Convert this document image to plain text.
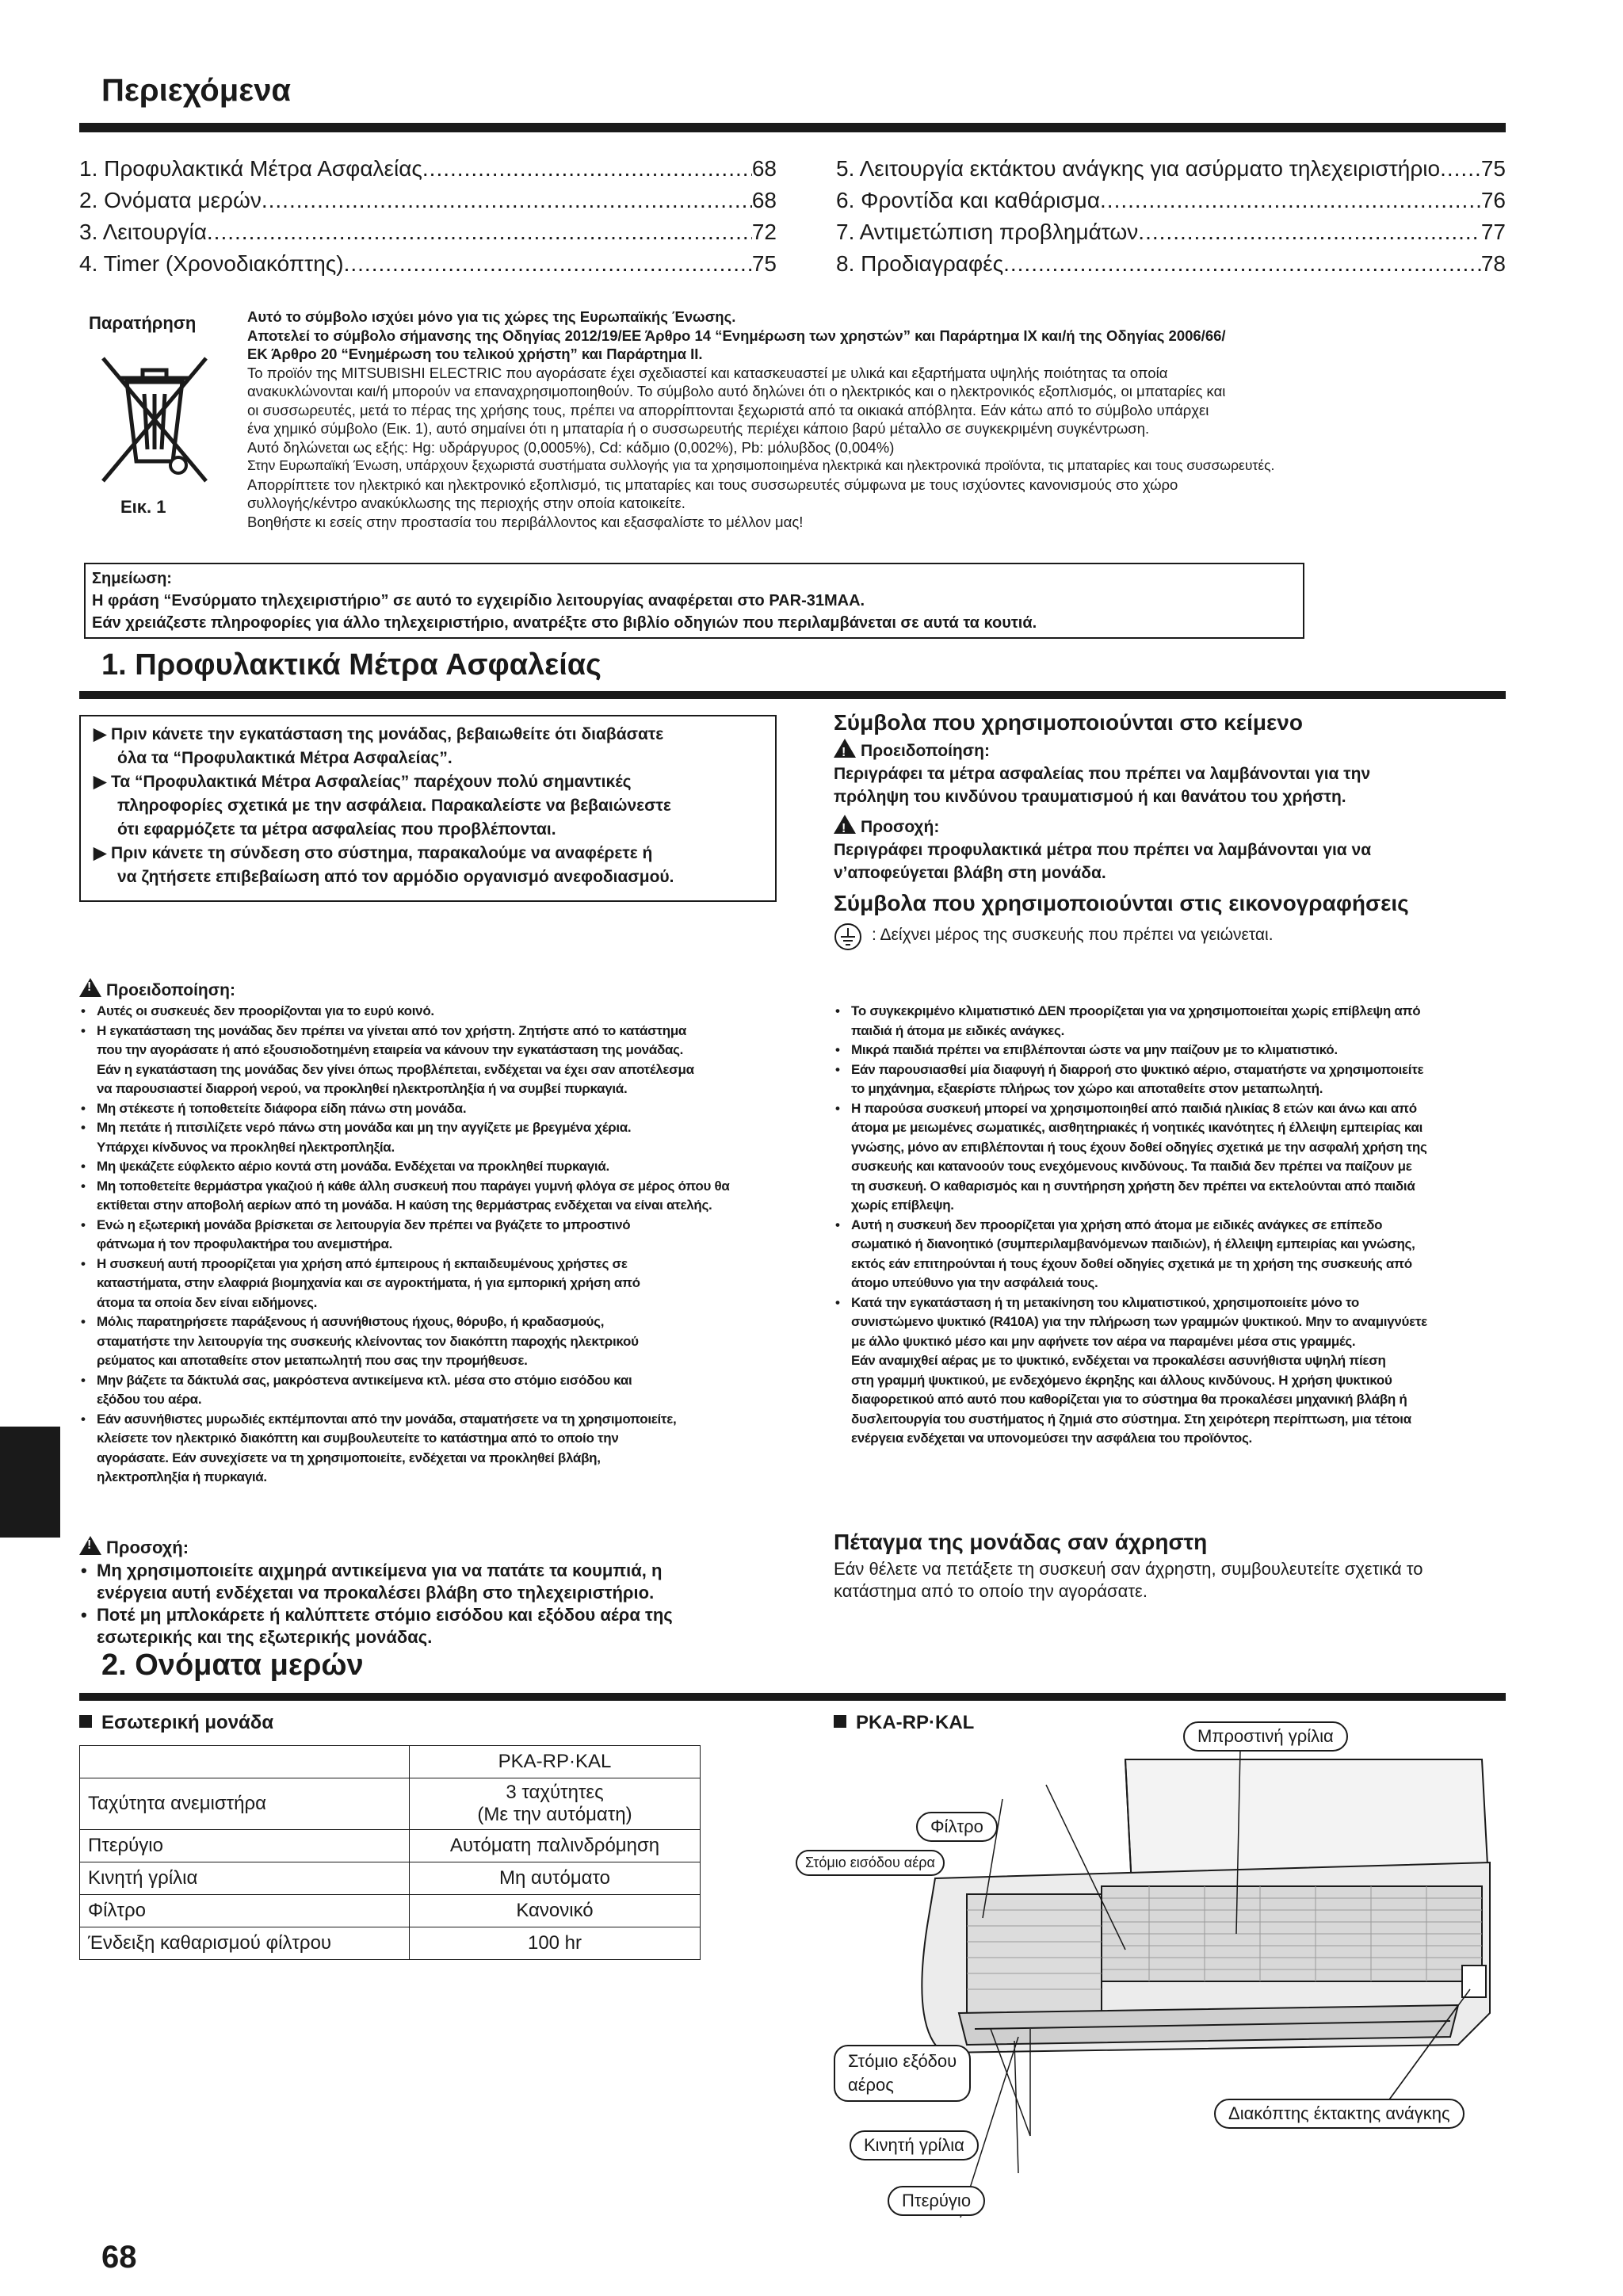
Περιεχόμενα
1. Προφυλακτικά Μέτρα Ασφαλείας .....	68
2. Ονόματα μερών .....	68
3. Λειτουργία .....	72
4. Timer (Χρονοδιακόπτης) .....	75
5. Λειτουργία εκτάκτου ανάγκης για ασύρματο τηλεχειριστήριο ..... 75
6. Φροντίδα και καθάρισμα .....	76
7. Αντιμετώπιση προβλημάτων .....	77
8. Προδιαγραφές .....	78
Παρατήρηση
Εικ. 1
Αυτό το σύμβολο ισχύει μόνο για τις χώρες της Ευρωπαϊκής Ένωσης.
Αποτελεί το σύμβολο σήμανσης της Οδηγίας 2012/19/ΕΕ Άρθρο 14 “Ενημέρωση των χρηστών” και Παράρτημα IX και/ή της Οδηγίας 2006/66/
ΕΚ Άρθρο 20 “Ενημέρωση του τελικού χρήστη” και Παράρτημα II.
Το προϊόν της MITSUBISHI ELECTRIC που αγοράσατε έχει σχεδιαστεί και κατασκευαστεί με υλικά και εξαρτήματα υψηλής ποιότητας τα οποία
ανακυκλώνονται και/ή μπορούν να επαναχρησιμοποιηθούν. Το σύμβολο αυτό δηλώνει ότι ο ηλεκτρικός και ο ηλεκτρονικός εξοπλισμός, οι μπαταρίες και
οι συσσωρευτές, μετά το πέρας της χρήσης τους, πρέπει να απορρίπτονται ξεχωριστά από τα οικιακά απόβλητα. Εάν κάτω από το σύμβολο υπάρχει
ένα χημικό σύμβολο (Εικ. 1), αυτό σημαίνει ότι η μπαταρία ή ο συσσωρευτής περιέχει κάποιο βαρύ μέταλλο σε συγκεκριμένη συγκέντρωση.
Αυτό δηλώνεται ως εξής: Hg: υδράργυρος (0,0005%), Cd: κάδμιο (0,002%), Pb: μόλυβδος (0,004%)
Στην Ευρωπαϊκή Ένωση, υπάρχουν ξεχωριστά συστήματα συλλογής για τα χρησιμοποιημένα ηλεκτρικά και ηλεκτρονικά προϊόντα, τις μπαταρίες και τους συσσωρευτές.
Απορρίπτετε τον ηλεκτρικό και ηλεκτρονικό εξοπλισμό, τις μπαταρίες και τους συσσωρευτές σύμφωνα με τους ισχύοντες κανονισμούς στο χώρο
συλλογής/κέντρο ανακύκλωσης της περιοχής στην οποία κατοικείτε.
Βοηθήστε κι εσείς στην προστασία του περιβάλλοντος και εξασφαλίστε το μέλλον μας!
Σημείωση:
Η φράση “Ενσύρματο τηλεχειριστήριο” σε αυτό το εγχειρίδιο λειτουργίας αναφέρεται στο PAR-31MAA.
Εάν χρειάζεστε πληροφορίες για άλλο τηλεχειριστήριο, ανατρέξτε στο βιβλίο οδηγιών που περιλαμβάνεται σε αυτά τα κουτιά.
1. Προφυλακτικά Μέτρα Ασφαλείας
▶ Πριν κάνετε την εγκατάσταση της μονάδας, βεβαιωθείτε ότι διαβάσατε
όλα τα “Προφυλακτικά Μέτρα Ασφαλείας”.
▶ Τα “Προφυλακτικά Μέτρα Ασφαλείας” παρέχουν πολύ σημαντικές
πληροφορίες σχετικά με την ασφάλεια. Παρακαλείστε να βεβαιώνεστε
ότι εφαρμόζετε τα μέτρα ασφαλείας που προβλέπονται.
▶ Πριν κάνετε τη σύνδεση στο σύστημα, παρακαλούμε να αναφέρετε ή
να ζητήσετε επιβεβαίωση από τον αρμόδιο οργανισμό ανεφοδιασμού.
Σύμβολα που χρησιμοποιούνται στο κείμενο
!Προειδοποίηση:
Περιγράφει τα μέτρα ασφαλείας που πρέπει να λαμβάνονται για την
πρόληψη του κινδύνου τραυματισμού ή και θανάτου του χρήστη.
!Προσοχή:
Περιγράφει προφυλακτικά μέτρα που πρέπει να λαμβάνονται για να
ν’αποφεύγεται βλάβη στη μονάδα.
Σύμβολα που χρησιμοποιούνται στις εικονογραφήσεις
: Δείχνει μέρος της συσκευής που πρέπει να γειώνεται.
!Προειδοποίηση:
• Αυτές οι συσκευές δεν προορίζονται για το ευρύ κοινό.
• Η εγκατάσταση της μονάδας δεν πρέπει να γίνεται από τον χρήστη. Ζητήστε από το κατάστημα
που την αγοράσατε ή από εξουσιοδοτημένη εταιρεία να κάνουν την εγκατάσταση της μονάδας.
Εάν η εγκατάσταση της μονάδας δεν γίνει όπως προβλέπεται, ενδέχεται να έχει σαν αποτέλεσμα
να παρουσιαστεί διαρροή νερού, να προκληθεί ηλεκτροπληξία ή να συμβεί πυρκαγιά.
• Μη στέκεστε ή τοποθετείτε διάφορα είδη πάνω στη μονάδα.
• Μη πετάτε ή πιτσιλίζετε νερό πάνω στη μονάδα και μη την αγγίζετε με βρεγμένα χέρια.
Υπάρχει κίνδυνος να προκληθεί ηλεκτροπληξία.
• Μη ψεκάζετε εύφλεκτο αέριο κοντά στη μονάδα. Ενδέχεται να προκληθεί πυρκαγιά.
• Μη τοποθετείτε θερμάστρα γκαζιού ή κάθε άλλη συσκευή που παράγει γυμνή φλόγα σε μέρος όπου θα
εκτίθεται στην αποβολή αερίων από τη μονάδα. Η καύση της θερμάστρας ενδέχεται να είναι ατελής.
• Ενώ η εξωτερική μονάδα βρίσκεται σε λειτουργία δεν πρέπει να βγάζετε το μπροστινό
φάτνωμα ή τον προφυλακτήρα του ανεμιστήρα.
• Η συσκευή αυτή προορίζεται για χρήση από έμπειρους ή εκπαιδευμένους χρήστες σε
καταστήματα, στην ελαφριά βιομηχανία και σε αγροκτήματα, ή για εμπορική χρήση από
άτομα τα οποία δεν είναι ειδήμονες.
• Μόλις παρατηρήσετε παράξενους ή ασυνήθιστους ήχους, θόρυβο, ή κραδασμούς,
σταματήστε την λειτουργία της συσκευής κλείνοντας τον διακόπτη παροχής ηλεκτρικού
ρεύματος και αποταθείτε στον μεταπωλητή που σας την προμήθευσε.
• Μην βάζετε τα δάκτυλά σας, μακρόστενα αντικείμενα κτλ. μέσα στο στόμιο εισόδου και
εξόδου του αέρα.
• Εάν ασυνήθιστες μυρωδιές εκπέμπονται από την μονάδα, σταματήσετε να τη χρησιμοποιείτε,
κλείσετε τον ηλεκτρικό διακόπτη και συμβουλευτείτε το κατάστημα από το οποίο την
αγοράσατε. Εάν συνεχίσετε να τη χρησιμοποιείτε, ενδέχεται να προκληθεί βλάβη,
ηλεκτροπληξία ή πυρκαγιά.
• Το συγκεκριμένο κλιματιστικό ΔΕΝ προορίζεται για να χρησιμοποιείται χωρίς επίβλεψη από
παιδιά ή άτομα με ειδικές ανάγκες.
• Μικρά παιδιά πρέπει να επιβλέπονται ώστε να μην παίζουν με το κλιματιστικό.
• Εάν παρουσιασθεί μία διαφυγή ή διαρροή στο ψυκτικό αέριο, σταματήστε να χρησιμοποιείτε
το μηχάνημα, εξαερίστε πλήρως τον χώρο και αποταθείτε στον μεταπωλητή.
• Η παρούσα συσκευή μπορεί να χρησιμοποιηθεί από παιδιά ηλικίας 8 ετών και άνω και από
άτομα με μειωμένες σωματικές, αισθητηριακές ή νοητικές ικανότητες ή έλλειψη εμπειρίας και
γνώσης, μόνο αν επιβλέπονται ή τους έχουν δοθεί οδηγίες σχετικά με την ασφαλή χρήση της
συσκευής και κατανοούν τους ενεχόμενους κινδύνους. Τα παιδιά δεν πρέπει να παίζουν με
τη συσκευή. Ο καθαρισμός και η συντήρηση χρήστη δεν πρέπει να εκτελούνται από παιδιά
χωρίς επίβλεψη.
• Αυτή η συσκευή δεν προορίζεται για χρήση από άτομα με ειδικές ανάγκες σε επίπεδο
σωματικό ή διανοητικό (συμπεριλαμβανόμενων παιδιών), ή έλλειψη εμπειρίας και γνώσης,
εκτός εάν επιτηρούνται ή τους έχουν δοθεί οδηγίες σχετικά με τη χρήση της συσκευής από
άτομο υπεύθυνο για την ασφάλειά τους.
• Κατά την εγκατάσταση ή τη μετακίνηση του κλιματιστικού, χρησιμοποιείτε μόνο το
συνιστώμενο ψυκτικό (R410A) για την πλήρωση των γραμμών ψυκτικού. Μην το αναμιγνύετε
με άλλο ψυκτικό μέσο και μην αφήνετε τον αέρα να παραμένει μέσα στις γραμμές.
Εάν αναμιχθεί αέρας με το ψυκτικό, ενδέχεται να προκαλέσει ασυνήθιστα υψηλή πίεση
στη γραμμή ψυκτικού, με ενδεχόμενο έκρηξης και άλλους κινδύνους. Η χρήση ψυκτικού
διαφορετικού από αυτό που καθορίζεται για το σύστημα θα προκαλέσει μηχανική βλάβη ή
δυσλειτουργία του συστήματος ή ζημιά στο σύστημα. Στη χειρότερη περίπτωση, μια τέτοια
ενέργεια ενδέχεται να υπονομεύσει την ασφάλεια του προϊόντος.
!Προσοχή:
• Μη χρησιμοποιείτε αιχμηρά αντικείμενα για να πατάτε τα κουμπιά, η
ενέργεια αυτή ενδέχεται να προκαλέσει βλάβη στο τηλεχειριστήριο.
• Ποτέ μη μπλοκάρετε ή καλύπτετε στόμιο εισόδου και εξόδου αέρα της
εσωτερικής και της εξωτερικής μονάδας.
Πέταγμα της μονάδας σαν άχρηστη
Εάν θέλετε να πετάξετε τη συσκευή σαν άχρηστη, συμβουλευτείτε σχετικά το
κατάστημα από το οποίο την αγοράσατε.
2. Ονόματα μερών
Εσωτερική μονάδα
	PKA-RP·KAL
Ταχύτητα ανεμιστήρα	3 ταχύτητες
(Με την αυτόματη)

Πτερύγιο	Αυτόματη παλινδρόμηση
Κινητή γρίλια	Μη αυτόματο
Φίλτρο	Κανονικό
Ένδειξη καθαρισμού φίλτρου	100 hr
PKA-RP·KAL
Μπροστινή γρίλια
Φίλτρο
Στόμιο εισόδου αέρα
Στόμιο εξόδου
αέρος
Διακόπτης έκτακτης ανάγκης
Κινητή γρίλια
Πτερύγιο
68
